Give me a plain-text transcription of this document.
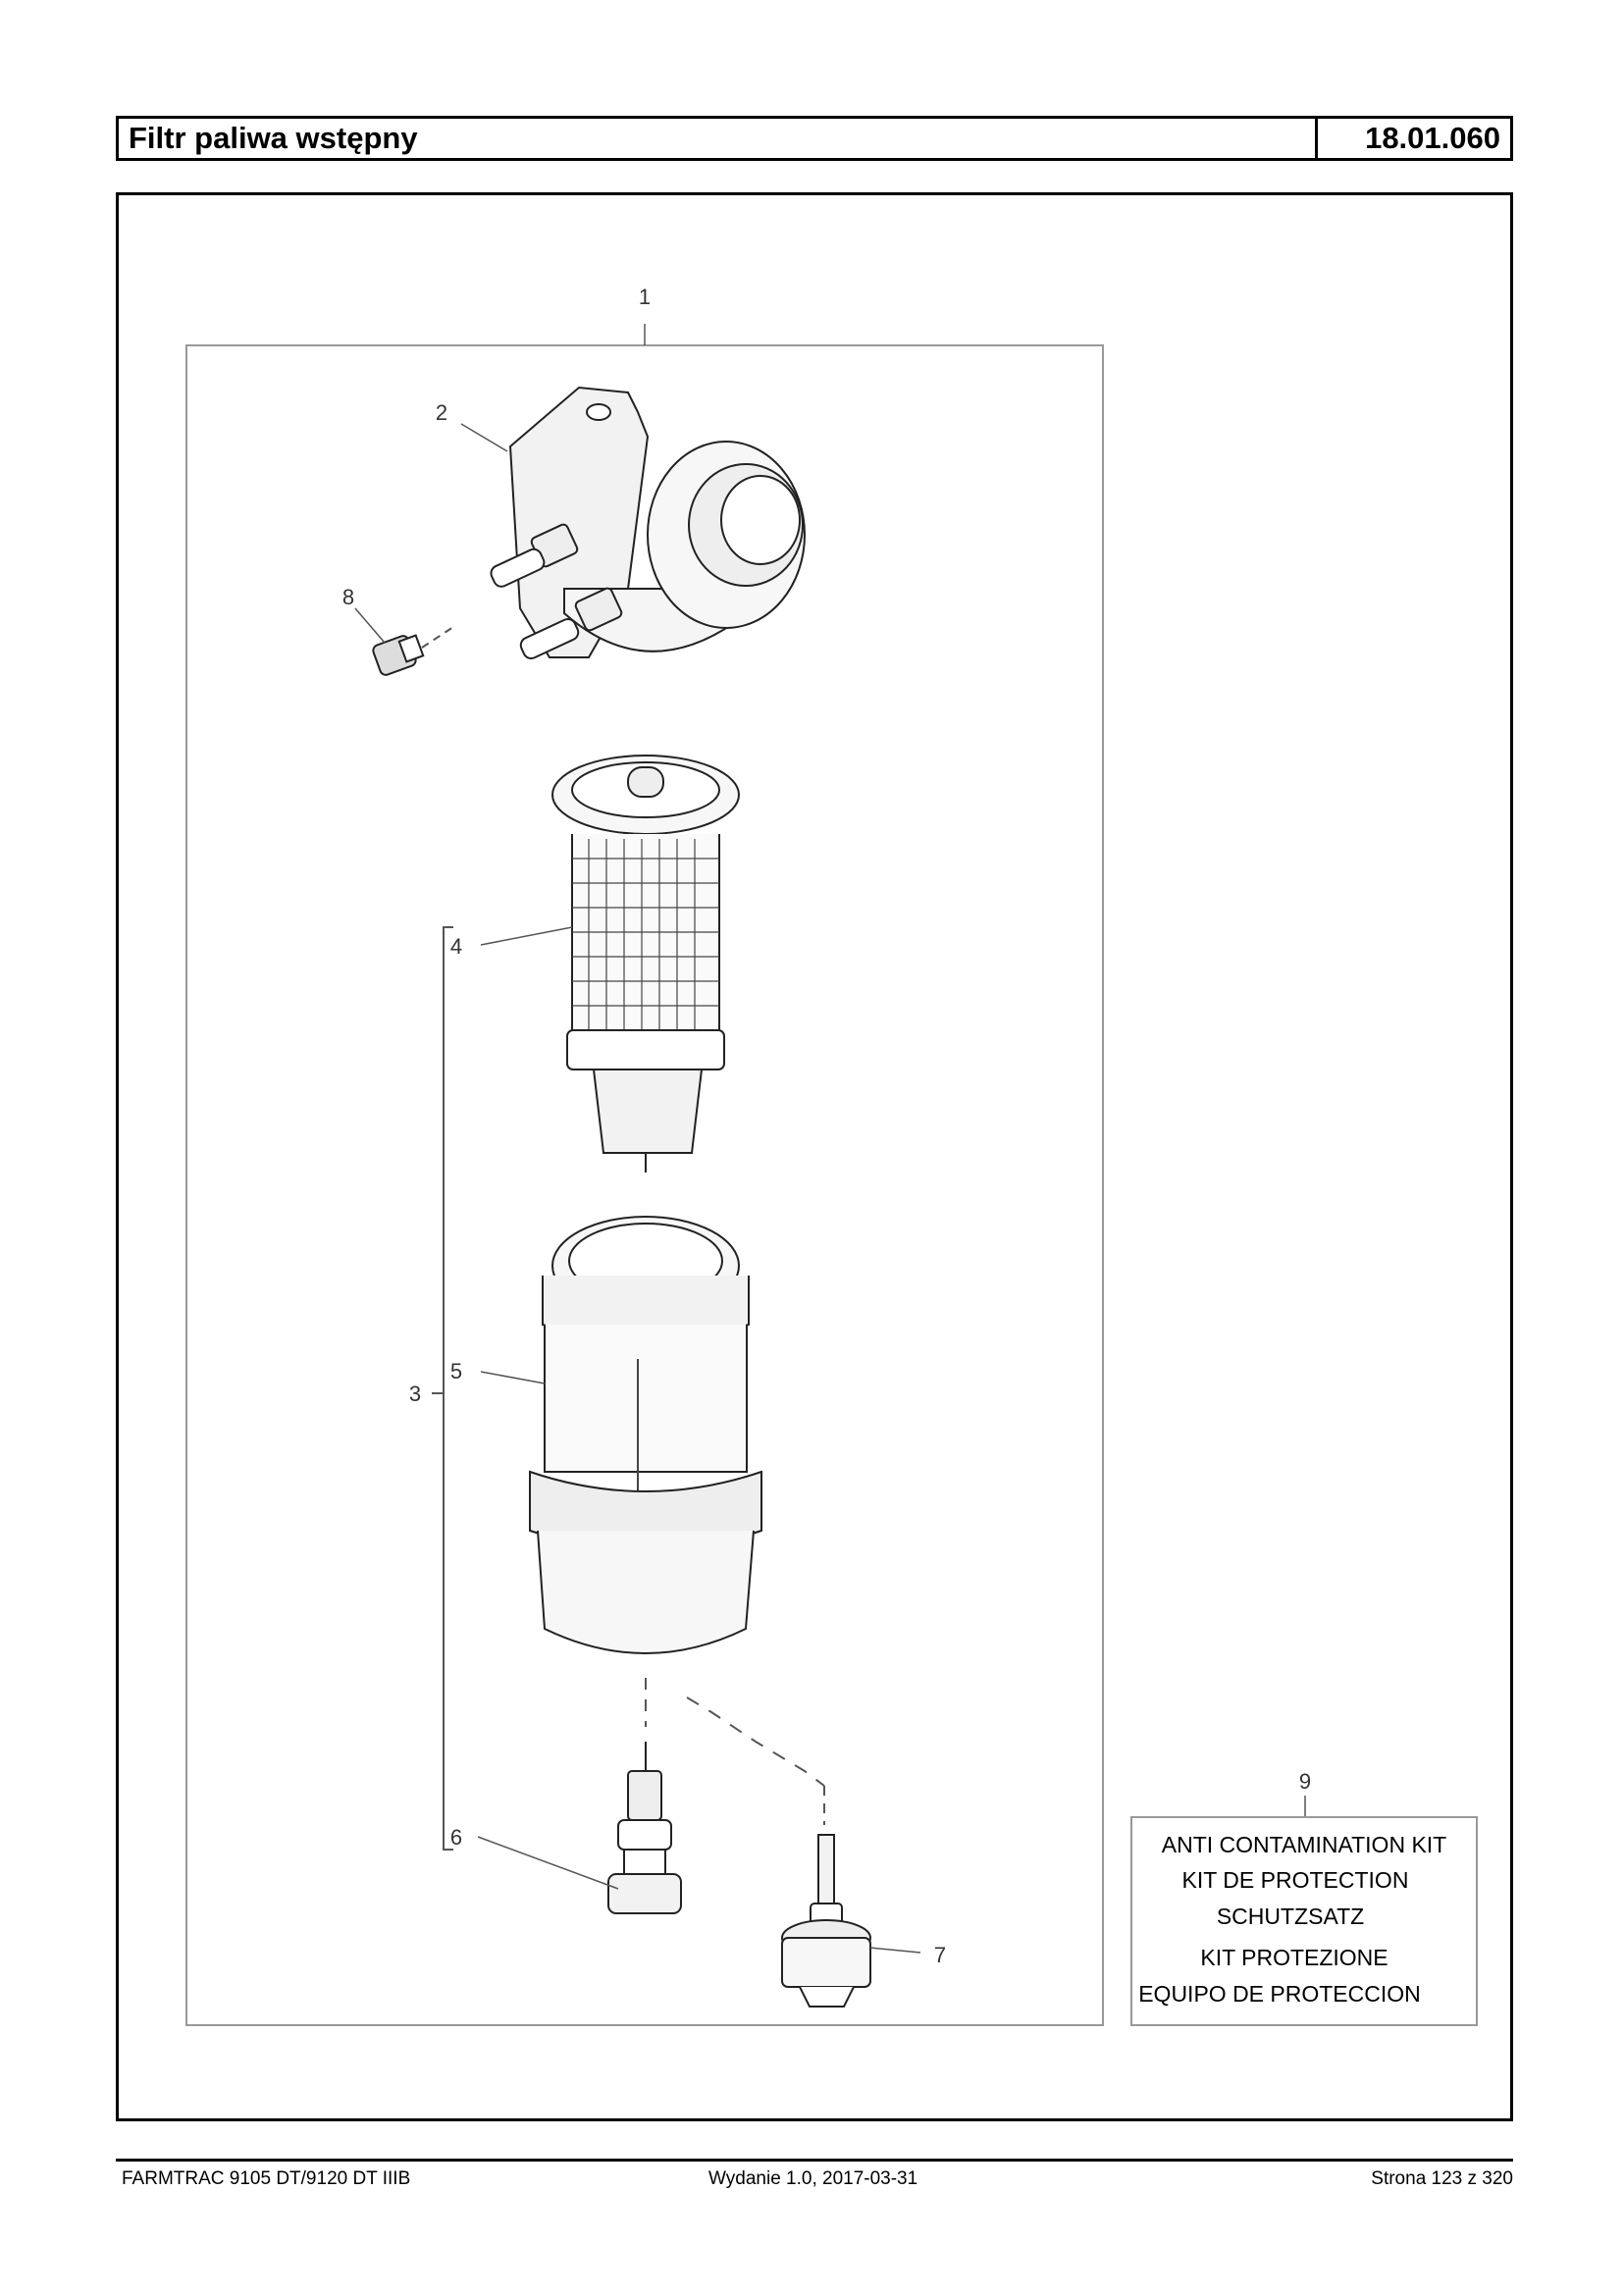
Filtr paliwa wstępny	18.01.060
1
2
3
4
5
6
7
8
9
ANTI CONTAMINATION KIT
KIT DE PROTECTION
SCHUTZSATZ
KIT PROTEZIONE
EQUIPO DE PROTECCION
FARMTRAC 9105 DT/9120 DT IIIB	Wydanie 1.0, 2017-03-31	Strona 123 z 320
